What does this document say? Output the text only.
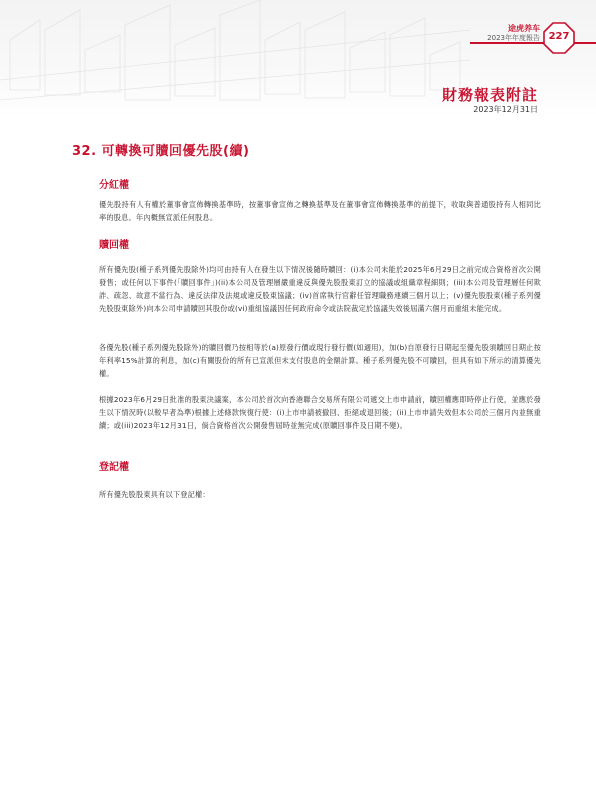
途虎养车
2023年年度報告 227
財務報表附註
2023年12月31日
32. 可轉換可贖回優先股(續)
分紅權
優先股持有人有權於董事會宣佈轉換基準時，按董事會宣佈之轉換基準及在董事會宣佈轉換基準的前提下，收取與普通股持有人相同比率的股息。年內概無宣派任何股息。
贖回權
所有優先股(種子系列優先股除外)均可由持有人在發生以下情況後隨時贖回：(i)本公司未能於2025年6月29日之前完成合資格首次公開發售；或任何以下事件(「贖回事件」)(ii)本公司及管理層嚴重違反與優先股股東訂立的協議或組織章程細則；(iii)本公司及管理層任何欺詐、疏忽、故意不當行為、違反法律及法規或違反股東協議；(iv)首席執行官辭任管理職務連續三個月以上；(v)優先股股東(種子系列優先股股東除外)向本公司申請贖回其股份或(vi)重組協議因任何政府命令或法院裁定於協議失效後屆滿六個月而重組未能完成。
各優先股(種子系列優先股除外)的贖回價乃按相等於(a)原發行價或現行發行價(如適用)，加(b)自原發行日期起至優先股須贖回日期止按年利率15%計算的利息，加(c)有關股份的所有已宣派但未支付股息的金額計算。種子系列優先股不可贖回，但具有如下所示的清算優先權。
根據2023年6月29日批准的股東決議案，本公司於首次向香港聯合交易所有限公司遞交上市申請前，贖回權應即時停止行使，並應於發生以下情況時(以較早者為準)根據上述條款恢復行使：(i)上市申請被撤回、拒絕或退回後；(ii)上市申請失效但本公司於三個月內並無重續；或(iii)2023年12月31日，倘合資格首次公開發售屆時並無完成(原贖回事件及日期不變)。
登記權
所有優先股股東具有以下登記權：
